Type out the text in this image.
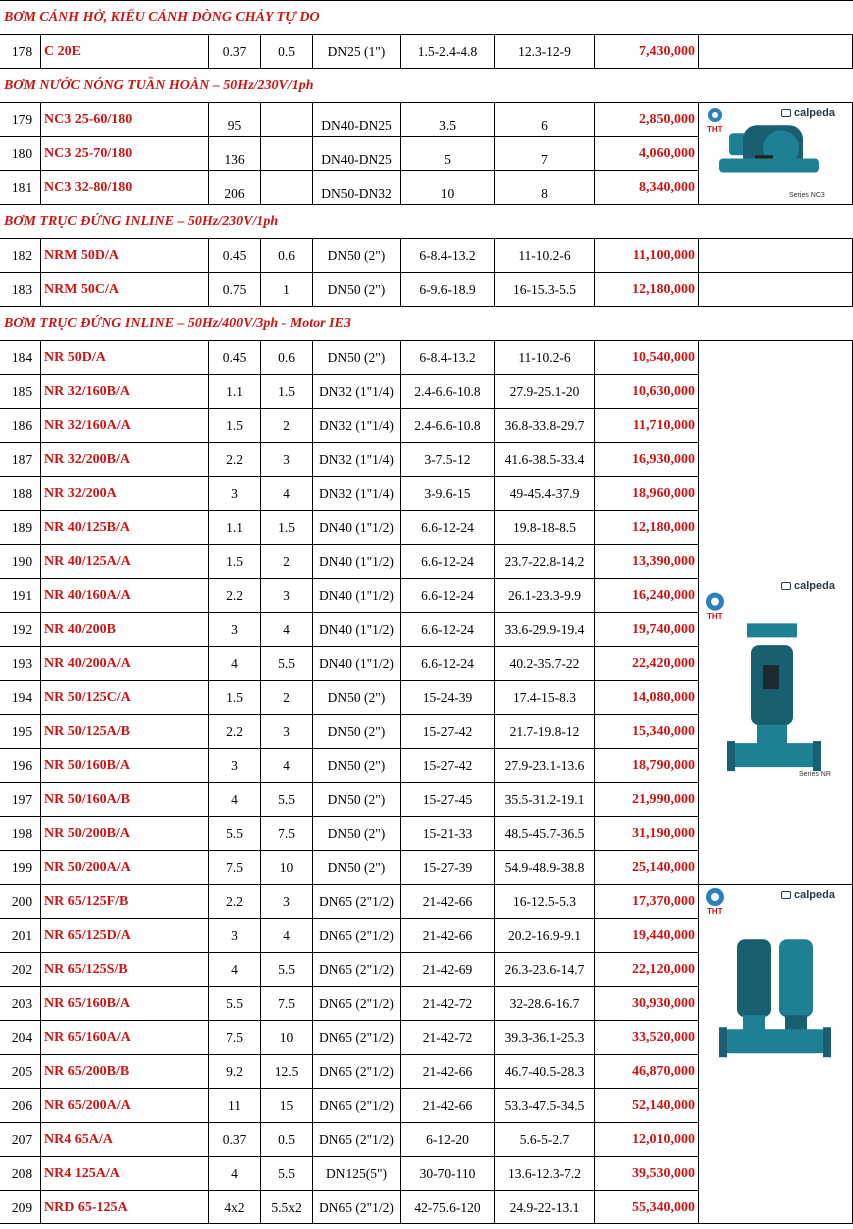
BƠM CÁNH HỞ, KIỂU CÁNH DÒNG CHẢY TỰ DO
178 C 20E	0.37 0.5 DN25 (1") 1.5-2.4-4.8	12.3-12-9	7,430,000
BƠM NƯỚC NÓNG TUẦN HOÀN – 50Hz/230V/1ph
179 NC3 25-60/180	95	DN40-DN25	3.5	6	2,850,000
180 NC3 25-70/180	136	DN40-DN25	5	7	4,060,000
181 NC3 32-80/180	206	DN50-DN32	10	8	8,340,000
BƠM TRỤC ĐỨNG INLINE – 50Hz/230V/1ph
182 NRM 50D/A	0.45 0.6 DN50 (2")	6-8.4-13.2	11-10.2-6	11,100,000
183 NRM 50C/A	0.75	1	DN50 (2")	6-9.6-18.9	16-15.3-5.5	12,180,000
BƠM TRỤC ĐỨNG INLINE – 50Hz/400V/3ph - Motor IE3
184 NR 50D/A	0.45 0.6 DN50 (2")	6-8.4-13.2	11-10.2-6	10,540,000
185 NR 32/160B/A	1.1	1.5 DN32 (1"1/4) 2.4-6.6-10.8 27.9-25.1-20	10,630,000
186 NR 32/160A/A	1.5	2 DN32 (1"1/4) 2.4-6.6-10.8 36.8-33.8-29.7	11,710,000
187 NR 32/200B/A	2.2	3 DN32 (1"1/4) 3-7.5-12	41.6-38.5-33.4	16,930,000
188 NR 32/200A	3	4 DN32 (1"1/4) 3-9.6-15	49-45.4-37.9	18,960,000
189 NR 40/125B/A	1.1	1.5 DN40 (1"1/2) 6.6-12-24	19.8-18-8.5	12,180,000
190 NR 40/125A/A	1.5	2 DN40 (1"1/2) 6.6-12-24 23.7-22.8-14.2	13,390,000
191 NR 40/160A/A	2.2	3 DN40 (1"1/2) 6.6-12-24	26.1-23.3-9.9	16,240,000
192 NR 40/200B	3	4 DN40 (1"1/2) 6.6-12-24 33.6-29.9-19.4	19,740,000
193 NR 40/200A/A	4	5.5 DN40 (1"1/2) 6.6-12-24	40.2-35.7-22	22,420,000
194 NR 50/125C/A	1.5	2	DN50 (2")	15-24-39	17.4-15-8.3	14,080,000
195 NR 50/125A/B	2.2	3	DN50 (2")	15-27-42	21.7-19.8-12	15,340,000
196 NR 50/160B/A	3	4	DN50 (2")	15-27-42 27.9-23.1-13.6	18,790,000
197 NR 50/160A/B	4	5.5 DN50 (2")	15-27-45 35.5-31.2-19.1	21,990,000
198 NR 50/200B/A	5.5	7.5 DN50 (2")	15-21-33 48.5-45.7-36.5	31,190,000
199 NR 50/200A/A	7.5	10	DN50 (2")	15-27-39 54.9-48.9-38.8	25,140,000
200 NR 65/125F/B	2.2	3 DN65 (2"1/2) 21-42-66	16-12.5-5.3	17,370,000
201 NR 65/125D/A	3	4 DN65 (2"1/2) 21-42-66	20.2-16.9-9.1	19,440,000
202 NR 65/125S/B	4	5.5 DN65 (2"1/2) 21-42-69 26.3-23.6-14.7	22,120,000
203 NR 65/160B/A	5.5	7.5 DN65 (2"1/2) 21-42-72	32-28.6-16.7	30,930,000
204 NR 65/160A/A	7.5	10 DN65 (2"1/2) 21-42-72 39.3-36.1-25.3	33,520,000
205 NR 65/200B/B	9.2 12.5 DN65 (2"1/2) 21-42-66 46.7-40.5-28.3	46,870,000
206 NR 65/200A/A	11	15 DN65 (2"1/2) 21-42-66 53.3-47.5-34.5	52,140,000
207 NR4 65A/A	0.37 0.5 DN65 (2"1/2) 6-12-20	5.6-5-2.7	12,010,000
208 NR4 125A/A	4	5.5 DN125(5") 30-70-110 13.6-12.3-7.2	39,530,000
209 NRD 65-125A	4x2 5.5x2 DN65 (2"1/2) 42-75.6-120 24.9-22-13.1	55,340,000
THT
calpeda
Series NC3
THT
calpeda
Series NR
THT
calpeda
